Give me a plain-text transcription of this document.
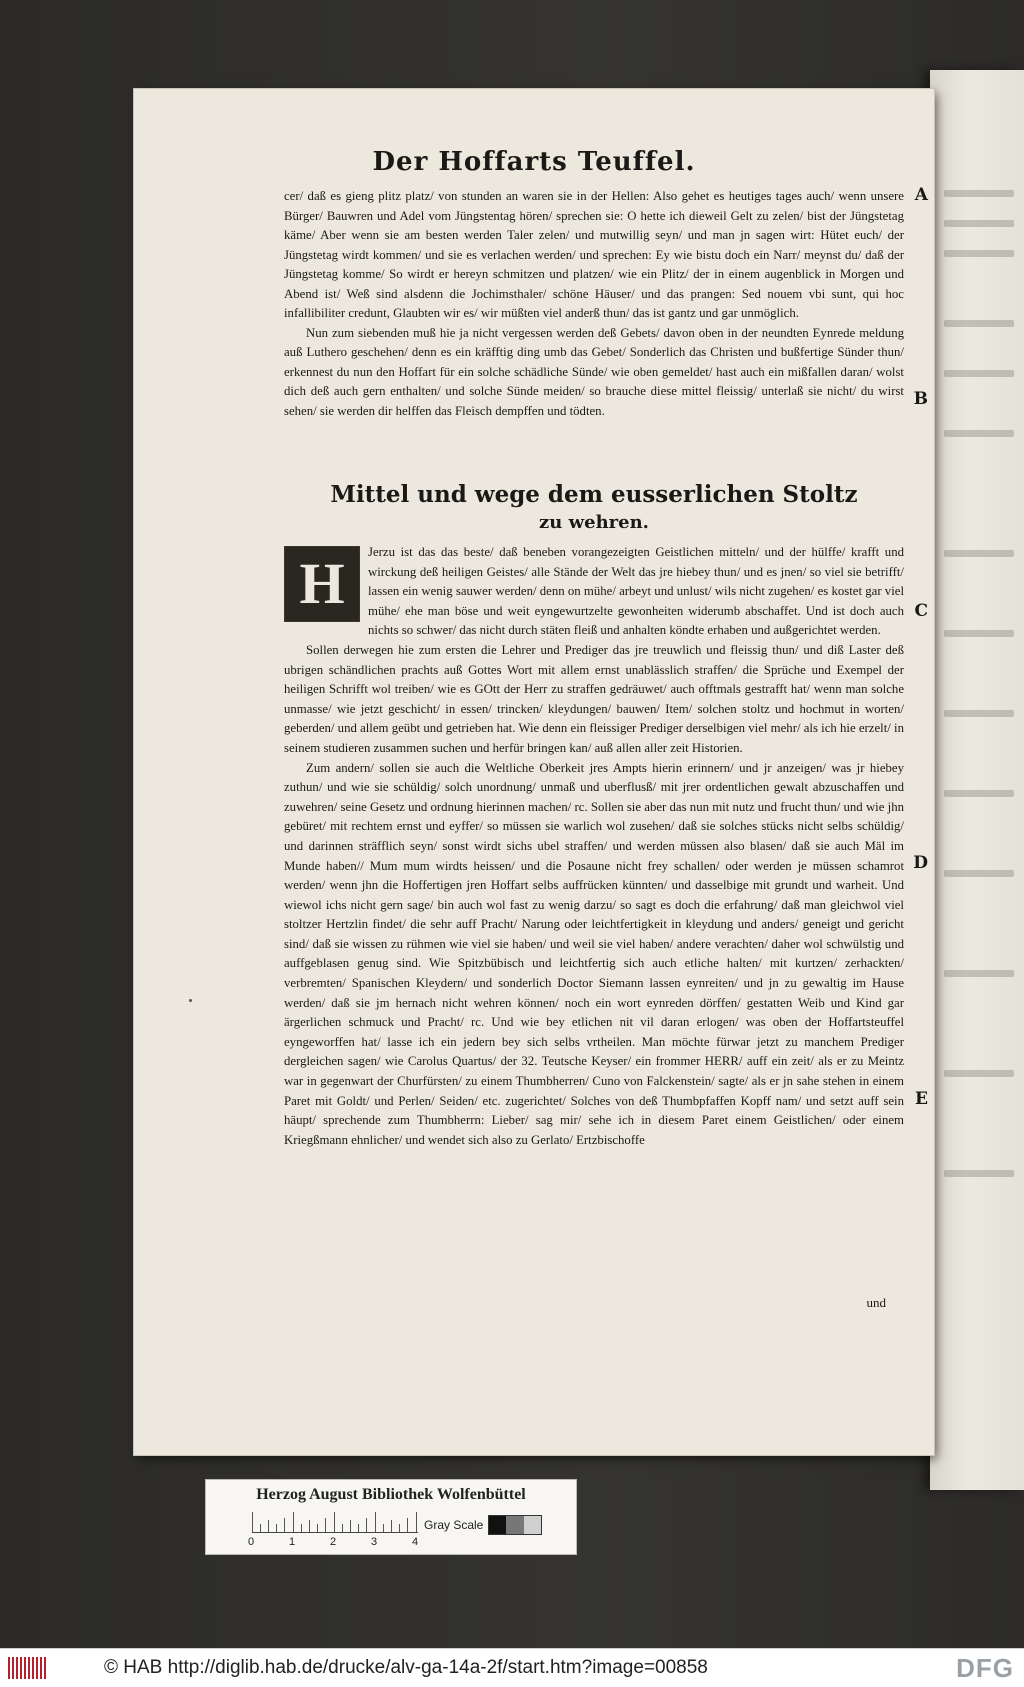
Der Hoffarts Teuffel.

cer/ daß es gieng plitz platz/ von stunden an waren sie in der Hellen: Also gehet es heutiges tages auch/ wenn unsere Bürger/ Bauwren und Adel vom Jüngstentag hören/ sprechen sie: O hette ich dieweil Gelt zu zelen/ bist der Jüngstetag käme/ Aber wenn sie am besten werden Taler zelen/ und mutwillig seyn/ und man jn sagen wirt: Hütet euch/ der Jüngstetag wirdt kommen/ und sie es verlachen werden/ und sprechen: Ey wie bistu doch ein Narr/ meynst du/ daß der Jüngstetag komme/ So wirdt er hereyn schmitzen und platzen/ wie ein Plitz/ der in einem augenblick in Morgen und Abend ist/ Weß sind alsdenn die Jochimsthaler/ schöne Häuser/ und das prangen: Sed nouem vbi sunt, qui hoc infallibiliter credunt, Glaubten wir es/ wir müßten viel anderß thun/ das ist gantz und gar unmöglich.

Nun zum siebenden muß hie ja nicht vergessen werden deß Gebets/ davon oben in der neundten Eynrede meldung auß Luthero geschehen/ denn es ein kräfftig ding umb das Gebet/ Sonderlich das Christen und bußfertige Sünder thun/ erkennest du nun den Hoffart für ein solche schädliche Sünde/ wie oben gemeldet/ hast auch ein mißfallen daran/ wolst dich deß auch gern enthalten/ und solche Sünde meiden/ so brauche diese mittel fleissig/ unterlaß sie nicht/ du wirst sehen/ sie werden dir helffen das Fleisch dempffen und tödten.

Mittel und wege dem eusserlichen Stoltz
zu wehren.

H	Jerzu ist das das beste/ daß beneben vorangezeigten Geistlichen mitteln/ und der hülffe/ krafft und wirckung deß heiligen Geistes/ alle Stände der Welt das jre hiebey thun/ und es jnen/ so viel sie betrifft/ lassen ein wenig sauwer werden/ denn on mühe/ arbeyt und unlust/ wils nicht zugehen/ es kostet gar viel mühe/ ehe man böse und weit eyngewurtzelte gewonheiten widerumb abschaffet. Und ist doch auch nichts so schwer/ das nicht durch stäten fleiß und anhalten köndte erhaben und außgerichtet werden.

Sollen derwegen hie zum ersten die Lehrer und Prediger das jre treuwlich und fleissig thun/ und diß Laster deß ubrigen schändlichen prachts auß Gottes Wort mit allem ernst unablässlich straffen/ die Sprüche und Exempel der heiligen Schrifft wol treiben/ wie es GOtt der Herr zu straffen gedräuwet/ auch offtmals gestrafft hat/ wenn man solche unmasse/ wie jetzt geschicht/ in essen/ trincken/ kleydungen/ bauwen/ Item/ solchen stoltz und hochmut in worten/ geberden/ und allem geübt und getrieben hat. Wie denn ein fleissiger Prediger derselbigen viel mehr/ als ich hie erzelt/ in seinem studieren zusammen suchen und herfür bringen kan/ auß allen aller zeit Historien.

Zum andern/ sollen sie auch die Weltliche Oberkeit jres Ampts hierin erinnern/ und jr anzeigen/ was jr hiebey zuthun/ und wie sie schüldig/ solch unordnung/ unmaß und uberflusß/ mit jrer ordentlichen gewalt abzuschaffen und zuwehren/ seine Gesetz und ordnung hierinnen machen/ rc. Sollen sie aber das nun mit nutz und frucht thun/ und wie jhn gebüret/ mit rechtem ernst und eyffer/ so müssen sie warlich wol zusehen/ daß sie solches stücks nicht selbs schüldig/ und darinnen sträfflich seyn/ sonst wirdt sichs ubel straffen/ und werden müssen also blasen/ daß sie auch Mäl im Munde haben// Mum mum wirdts heissen/ und die Posaune nicht frey schallen/ oder werden je müssen schamrot werden/ wenn jhn die Hoffertigen jren Hoffart selbs auffrücken künnten/ und dasselbige mit grundt und warheit. Und wiewol ichs nicht gern sage/ bin auch wol fast zu wenig darzu/ so sagt es doch die erfahrung/ daß man gleichwol viel stoltzer Hertzlin findet/ die sehr auff Pracht/ Narung oder leichtfertigkeit in kleydung und anders/ geneigt und gericht sind/ daß sie wissen zu rühmen wie viel sie haben/ und weil sie viel haben/ andere verachten/ daher wol schwülstig und auffgeblasen genug sind. Wie Spitzbübisch und leichtfertig sich auch etliche halten/ mit kurtzen/ zerhackten/ verbremten/ Spanischen Kleydern/ und sonderlich Doctor Siemann lassen eynreiten/ und jn zu gewaltig im Hause werden/ daß sie jm hernach nicht wehren können/ noch ein wort eynreden dörffen/ gestatten Weib und Kind gar ärgerlichen schmuck und Pracht/ rc. Und wie bey etlichen nit vil daran erlogen/ was oben der Hoffartsteuffel eyngeworffen hat/ lasse ich ein jedern bey sich selbs vrtheilen. Man möchte fürwar jetzt zu manchem Prediger dergleichen sagen/ wie Carolus Quartus/ der 32. Teutsche Keyser/ ein frommer HERR/ auff ein zeit/ als er zu Meintz war in gegenwart der Churfürsten/ zu einem Thumbherren/ Cuno von Falckenstein/ sagte/ als er jn sahe stehen in einem Paret mit Goldt/ und Perlen/ Seiden/ etc. zugerichtet/ Solches von deß Thumbpfaffen Kopff nam/ und setzt auff sein häupt/ sprechende zum Thumbherrn: Lieber/ sag mir/ sehe ich in diesem Paret einem Geistlichen/ oder einem Kriegßmann ehnlicher/ und wendet sich also zu Gerlato/ Ertzbischoffe

A
B
C
D
E
und
Herzog August Bibliothek Wolfenbüttel
0	1	2	3	4
Gray Scale
© HAB http://diglib.hab.de/drucke/alv-ga-14a-2f/start.htm?image=00858	DFG
